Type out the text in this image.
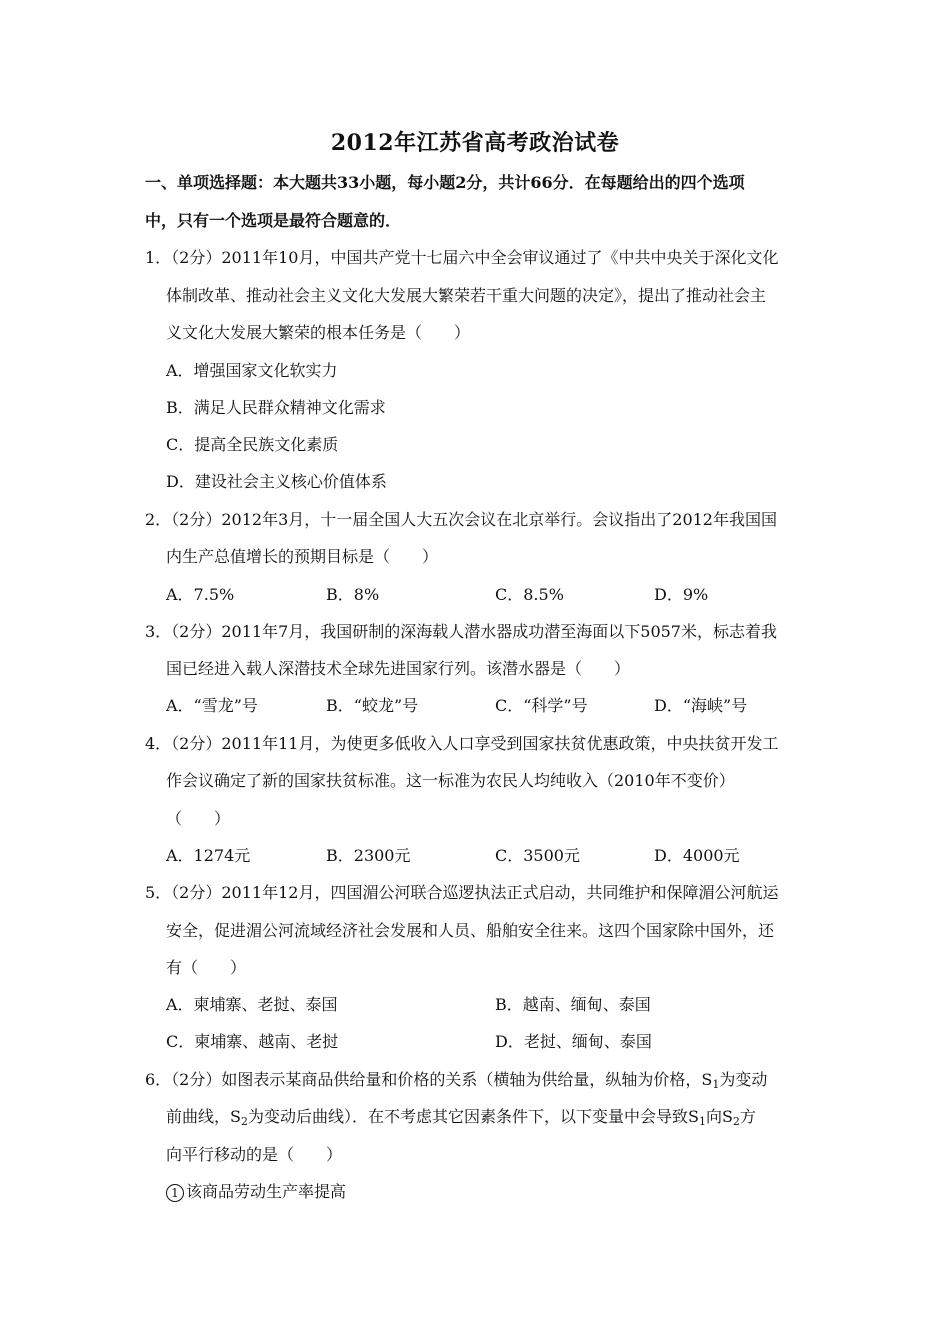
2012年江苏省高考政治试卷
一、单项选择题：本大题共33小题，每小题2分，共计66分．在每题给出的四个选项
中，只有一个选项是最符合题意的．
1．（2分）2011年10月，中国共产党十七届六中全会审议通过了《中共中央关于深化文化
体制改革、推动社会主义文化大发展大繁荣若干重大问题的决定》，提出了推动社会主
义文化大发展大繁荣的根本任务是（　　）
A．增强国家文化软实力
B．满足人民群众精神文化需求
C．提高全民族文化素质
D．建设社会主义核心价值体系
2．（2分）2012年3月，十一届全国人大五次会议在北京举行。会议指出了2012年我国国
内生产总值增长的预期目标是（　　）
A．7.5%	B．8%	C．8.5%	D．9%
3．（2分）2011年7月，我国研制的深海载人潜水器成功潜至海面以下5057米，标志着我
国已经进入载人深潜技术全球先进国家行列。该潜水器是（　　）
A．“雪龙”号	B．“蛟龙”号	C．“科学”号	D．“海峡”号
4．（2分）2011年11月，为使更多低收入人口享受到国家扶贫优惠政策，中央扶贫开发工
作会议确定了新的国家扶贫标准。这一标准为农民人均纯收入（2010年不变价）
（　　）
A．1274元	B．2300元	C．3500元	D．4000元
5．（2分）2011年12月，四国湄公河联合巡逻执法正式启动，共同维护和保障湄公河航运
安全，促进湄公河流域经济社会发展和人员、船舶安全往来。这四个国家除中国外，还
有（　　）
A．柬埔寨、老挝、泰国	B．越南、缅甸、泰国
C．柬埔寨、越南、老挝	D．老挝、缅甸、泰国
6．（2分）如图表示某商品供给量和价格的关系（横轴为供给量，纵轴为价格，$S_1$为变动
前曲线，$S_2$为变动后曲线）．在不考虑其它因素条件下，以下变量中会导致$S_1$向$S_2$方
向平行移动的是（　　）
1 该商品劳动生产率提高
